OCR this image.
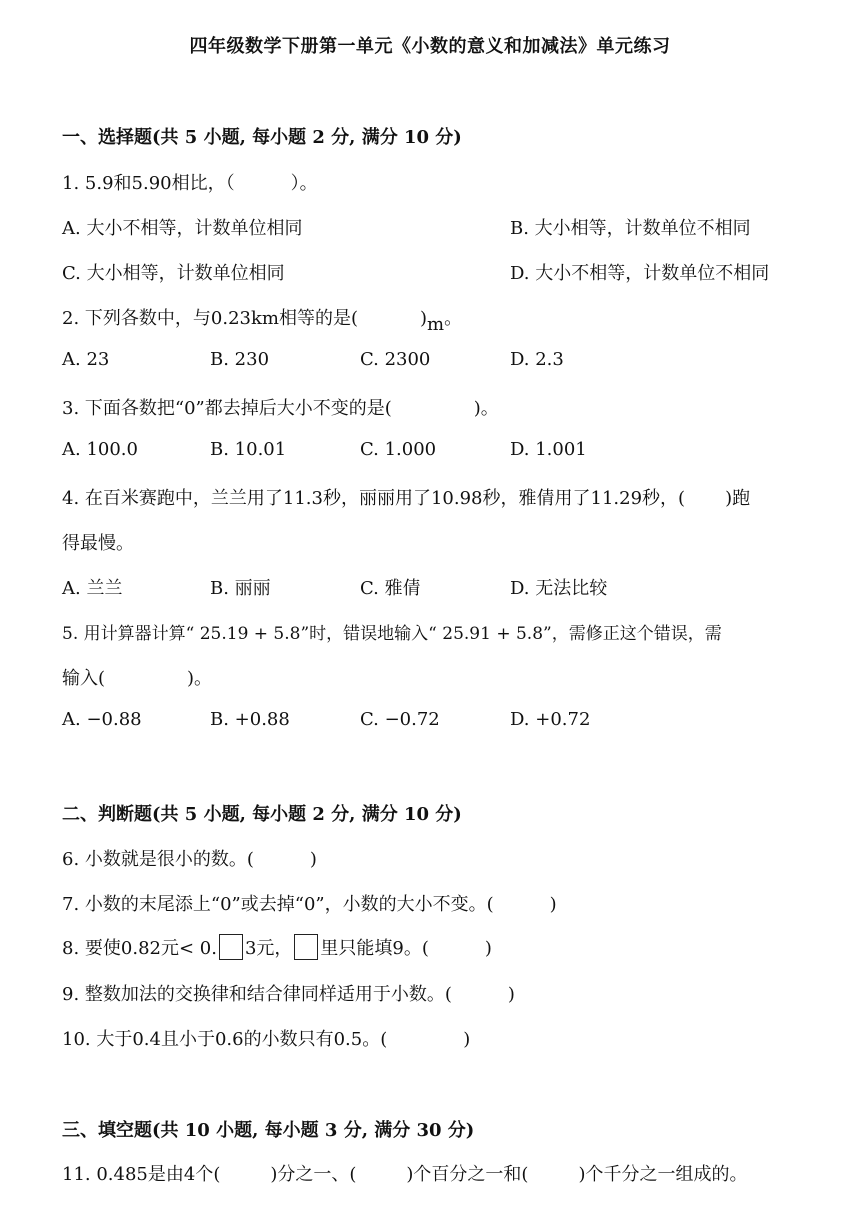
四年级数学下册第一单元《小数的意义和加减法》单元练习
一、选择题(共 5 小题, 每小题 2 分, 满分 10 分)
1. 5.9和5.90相比，（	）。
A. 大小不相等，计数单位相同	B. 大小相等，计数单位不相同
C. 大小相等，计数单位相同	D. 大小不相等，计数单位不相同
2. 下列各数中，与0.23km相等的是(	)m。
A. 23	B. 230	C. 2300	D. 2.3
3. 下面各数把“0”都去掉后大小不变的是(	)。
A. 100.0	B. 10.01	C. 1.000	D. 1.001
4. 在百米赛跑中，兰兰用了11.3秒，丽丽用了10.98秒，雅倩用了11.29秒，( )跑
得最慢。
A. 兰兰	B. 丽丽	C. 雅倩	D. 无法比较
5. 用计算器计算“ 25.19 + 5.8”时，错误地输入“ 25.91 + 5.8”，需修正这个错误，需
输入(	)。
A. −0.88	B. +0.88	C. −0.72	D. +0.72
二、判断题(共 5 小题, 每小题 2 分, 满分 10 分)
6. 小数就是很小的数。(	)
7. 小数的末尾添上“0”或去掉“0”，小数的大小不变。(	)
8. 要使0.82元< 0. 3元， 里只能填9。(	)
9. 整数加法的交换律和结合律同样适用于小数。(	)
10. 大于0.4且小于0.6的小数只有0.5。(	)
三、填空题(共 10 小题, 每小题 3 分, 满分 30 分)
11. 0.485是由4个(	)分之一、(	)个百分之一和(	)个千分之一组成的。
